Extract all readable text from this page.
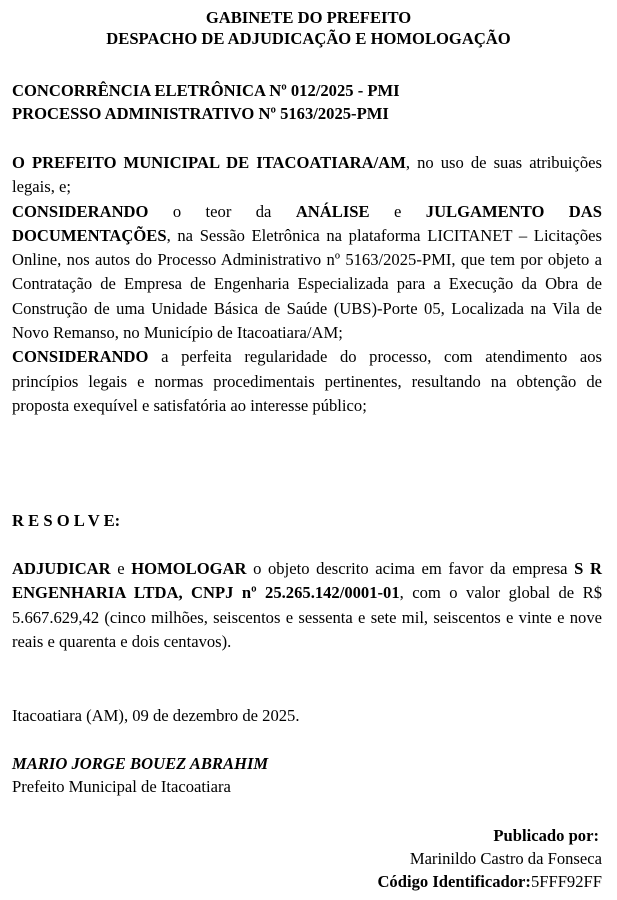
GABINETE DO PREFEITO
DESPACHO DE ADJUDICAÇÃO E HOMOLOGAÇÃO
CONCORRÊNCIA ELETRÔNICA Nº 012/2025 - PMI
PROCESSO ADMINISTRATIVO Nº 5163/2025-PMI
O PREFEITO MUNICIPAL DE ITACOATIARA/AM, no uso de suas atribuições legais, e;
CONSIDERANDO o teor da ANÁLISE e JULGAMENTO DAS DOCUMENTAÇÕES, na Sessão Eletrônica na plataforma LICITANET – Licitações Online, nos autos do Processo Administrativo nº 5163/2025-PMI, que tem por objeto a Contratação de Empresa de Engenharia Especializada para a Execução da Obra de Construção de uma Unidade Básica de Saúde (UBS)-Porte 05, Localizada na Vila de Novo Remanso, no Município de Itacoatiara/AM;
CONSIDERANDO a perfeita regularidade do processo, com atendimento aos princípios legais e normas procedimentais pertinentes, resultando na obtenção de proposta exequível e satisfatória ao interesse público;
R E S O L V E:
ADJUDICAR e HOMOLOGAR o objeto descrito acima em favor da empresa S R ENGENHARIA LTDA, CNPJ nº 25.265.142/0001-01, com o valor global de R$ 5.667.629,42 (cinco milhões, seiscentos e sessenta e sete mil, seiscentos e vinte e nove reais e quarenta e dois centavos).
Itacoatiara (AM), 09 de dezembro de 2025.
MARIO JORGE BOUEZ ABRAHIM
Prefeito Municipal de Itacoatiara
Publicado por:
Marinildo Castro da Fonseca
Código Identificador:5FFF92FF
